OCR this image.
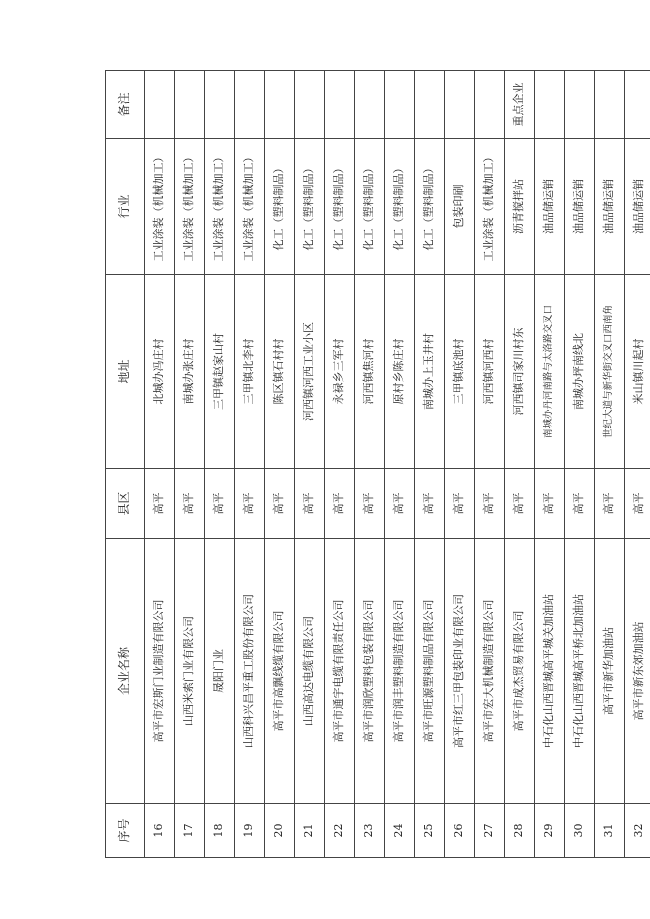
序号	企业名称	县区	地址	行业	备注
16	高平市宏斯门业制造有限公司	高平	北城办冯庄村	工业涂装（机械加工）	
17	山西米索门业有限公司	高平	南城办张庄村	工业涂装（机械加工）	
18	晟阳门业	高平	三甲镇赵家山村	工业涂装（机械加工）	
19	山西科兴昌平重工股份有限公司	高平	三甲镇北李村	工业涂装（机械加工）	
20	高平市高飘线缆有限公司	高平	陈区镇石村村	化工（塑料制品）	
21	山西高达电缆有限公司	高平	河西镇河西工业小区	化工（塑料制品）	
22	高平市通宇电缆有限责任公司	高平	永禄乡三军村	化工（塑料制品）	
23	高平市润欣塑料包装有限公司	高平	河西镇焦河村	化工（塑料制品）	
24	高平市润丰塑料制造有限公司	高平	原村乡陈庄村	化工（塑料制品）	
25	高平市旺源塑料制品有限公司	高平	南城办上玉井村	化工（塑料制品）	
26	高平市红三甲包装印业有限公司	高平	三甲镇底池村	包装印刷	
27	高平市宏大机械制造有限公司	高平	河西镇河西村	工业涂装（机械加工）	
28	高平市成杰贸易有限公司	高平	河西镇司家川村东	沥青搅拌站	重点企业
29	中石化山西晋城高平城关加油站	高平	南城办丹河南路与太洛路交叉口	油品储运销	
30	中石化山西晋城高平桥北加油站	高平	南城办坪南线北	油品储运销	
31	高平市新华加油站	高平	世纪大道与新华街交叉口西南角	油品储运销	
32	高平市新东郊加油站	高平	米山镇川起村	油品储运销	
